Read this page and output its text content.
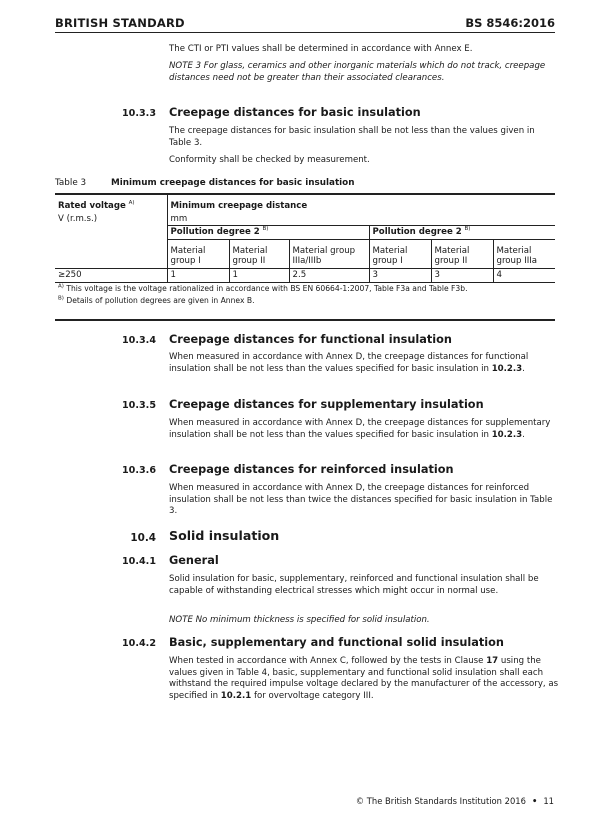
BRITISH STANDARD	BS 8546:2016
The CTI or PTI values shall be determined in accordance with Annex E.
NOTE 3 For glass, ceramics and other inorganic materials which do not track, creepage distances need not be greater than their associated clearances.
10.3.3 Creepage distances for basic insulation
The creepage distances for basic insulation shall be not less than the values given in Table 3.
Conformity shall be checked by measurement.
Table 3	Minimum creepage distances for basic insulation
Rated voltage $^{A)}$	Minimum creepage distance					
V (r.m.s.)	mm					
	Pollution degree 2 $^{B)}$			Pollution degree 2 $^{B)}$
	Material group I	Material group II	Material group IIIa/IIIb	Material group I	Material group II	Material group IIIa
≥250	1	1	2.5	3	3	4
$^{A)}$ This voltage is the voltage rationalized in accordance with BS EN 60664-1:2007, Table F3a and Table F3b.						
$^{B)}$ Details of pollution degrees are given in Annex B.						
10.3.4 Creepage distances for functional insulation
When measured in accordance with Annex D, the creepage distances for functional insulation shall be not less than the values specified for basic insulation in 10.2.3.
10.3.5 Creepage distances for supplementary insulation
When measured in accordance with Annex D, the creepage distances for supplementary insulation shall be not less than the values specified for basic insulation in 10.2.3.
10.3.6 Creepage distances for reinforced insulation
When measured in accordance with Annex D, the creepage distances for reinforced insulation shall be not less than twice the distances specified for basic insulation in Table 3.
10.4 Solid insulation
10.4.1 General
Solid insulation for basic, supplementary, reinforced and functional insulation shall be capable of withstanding electrical stresses which might occur in normal use.
NOTE No minimum thickness is specified for solid insulation.
10.4.2 Basic, supplementary and functional solid insulation
When tested in accordance with Annex C, followed by the tests in Clause 17 using the values given in Table 4, basic, supplementary and functional solid insulation shall each withstand the required impulse voltage declared by the manufacturer of the accessory, as specified in 10.2.1 for overvoltage category III.
© The British Standards Institution 2016 • 11
